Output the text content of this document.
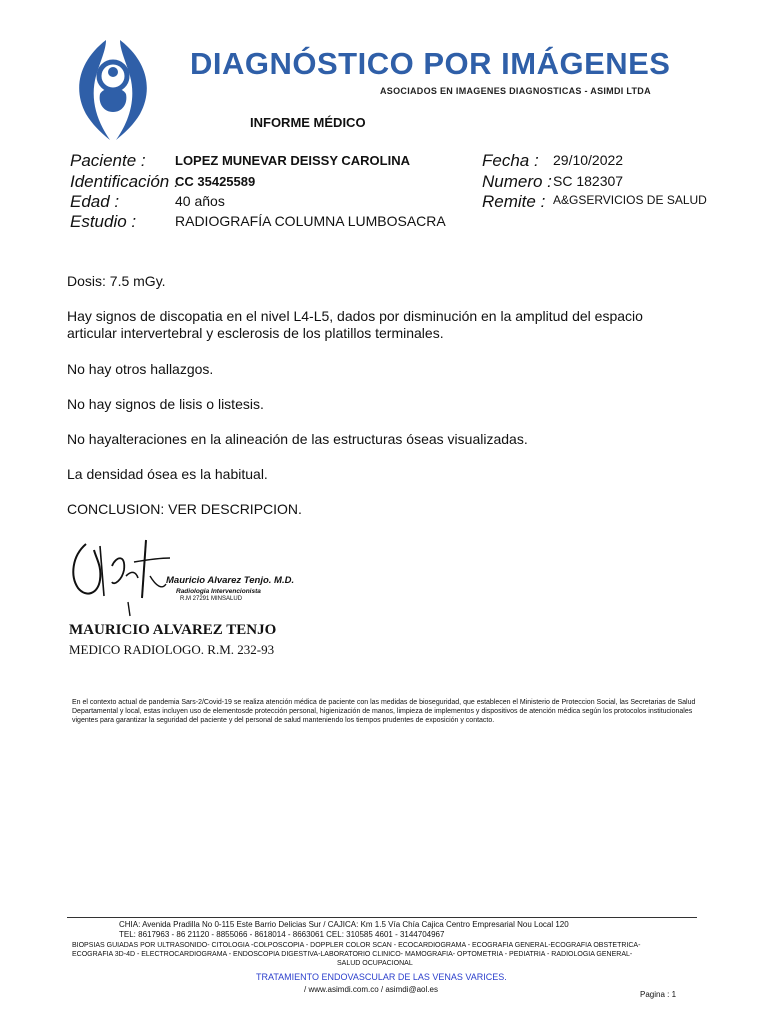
DIAGNÓSTICO POR IMÁGENES
ASOCIADOS EN IMAGENES DIAGNOSTICAS - ASIMDI LTDA
INFORME MÉDICO
Paciente : LOPEZ MUNEVAR DEISSY CAROLINA
Identificación :
CC 35425589
Edad :	40 años
Estudio :	RADIOGRAFÍA COLUMNA LUMBOSACRA
Fecha : 29/10/2022
Numero : SC 182307
Remite : A&GSERVICIOS DE SALUD
Dosis: 7.5 mGy.
Hay signos de discopatia en el nivel L4-L5, dados por disminución en la amplitud del espacio
articular intervertebral y esclerosis de los platillos terminales.
No hay otros hallazgos.
No hay signos de lisis o listesis.
No hayalteraciones en la alineación de las estructuras óseas visualizadas.
La densidad ósea es la habitual.
CONCLUSION: VER DESCRIPCION.
Mauricio Alvarez Tenjo. M.D.
Radiologia Intervencionista
R.M 27291 MINSALUD
MAURICIO ALVAREZ TENJO
MEDICO RADIOLOGO. R.M. 232-93
En el contexto actual de pandemia Sars-2/Covid-19 se realiza atención médica de paciente con las medidas de bioseguridad, que establecen el Ministerio de Proteccion Social, las Secretarias de Salud
Departamental y local, estas incluyen uso de elementosde protección personal, higienización de manos, limpieza de implementos y dispositivos de atención médica según los protocolos institucionales
vigentes para garantizar la seguridad del paciente y del personal de salud manteniendo los tiempos prudentes de exposición y contacto.
CHIA: Avenida Pradilla No 0-115 Este Barrio Delicias Sur / CAJICA: Km 1.5 Vía Chía Cajica Centro Empresarial Nou Local 120
TEL: 8617963 - 86 21120 - 8855066 - 8618014 - 8663061 CEL: 310585 4601 - 3144704967
BIOPSIAS GUIADAS POR ULTRASONIDO- CITOLOGIA -COLPOSCOPIA - DOPPLER COLOR SCAN - ECOCARDIOGRAMA - ECOGRAFIA GENERAL-ECOGRAFIA OBSTETRICA-
ECOGRAFIA 3D-4D - ELECTROCARDIOGRAMA - ENDOSCOPIA DIGESTIVA-LABORATORIO CLINICO- MAMOGRAFIA- OPTOMETRIA - PEDIATRIA - RADIOLOGIA GENERAL-
SALUD OCUPACIONAL
TRATAMIENTO ENDOVASCULAR DE LAS VENAS VARICES.
/ www.asimdi.com.co / asimdi@aol.es
Pagina : 1
